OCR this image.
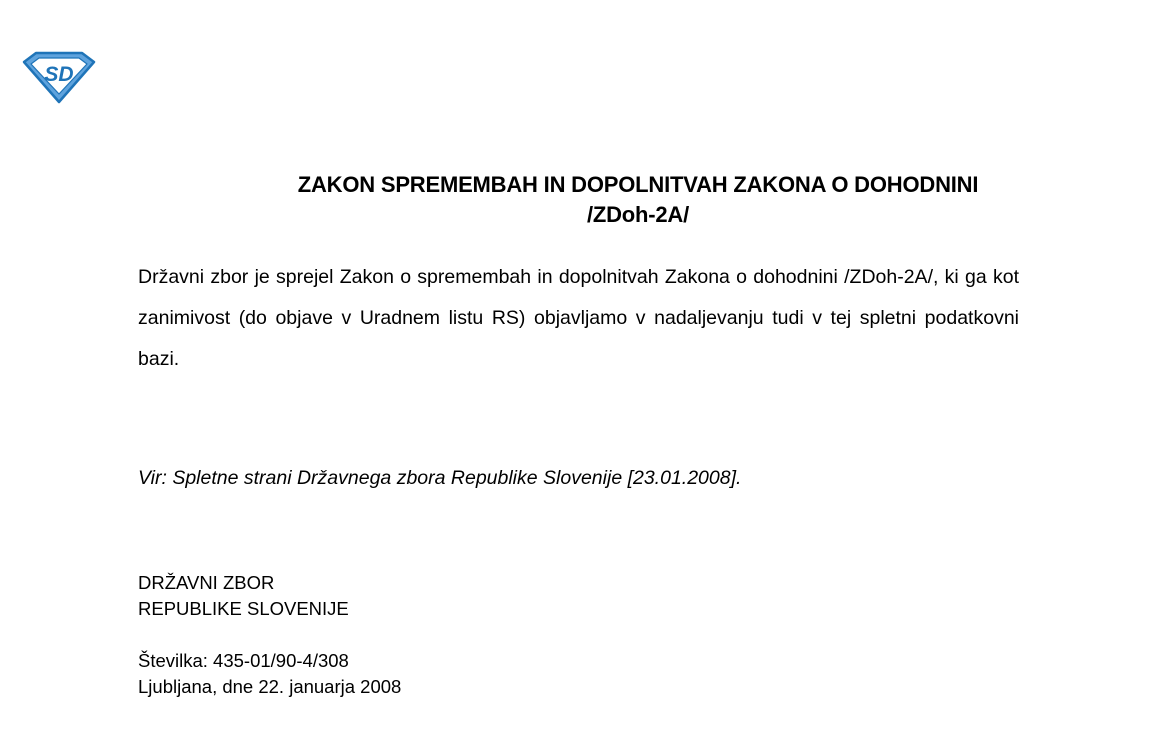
SD
ZAKON SPREMEMBAH IN DOPOLNITVAH ZAKONA O DOHODNINI
/ZDoh-2A/
Državni zbor je sprejel Zakon o spremembah in dopolnitvah Zakona o dohodnini /ZDoh-2A/, ki ga kot zanimivost (do objave v Uradnem listu RS) objavljamo v nadaljevanju tudi v tej spletni podatkovni bazi.
Vir: Spletne strani Državnega zbora Republike Slovenije [23.01.2008].
DRŽAVNI ZBOR
REPUBLIKE SLOVENIJE
Številka: 435-01/90-4/308
Ljubljana, dne 22. januarja 2008
